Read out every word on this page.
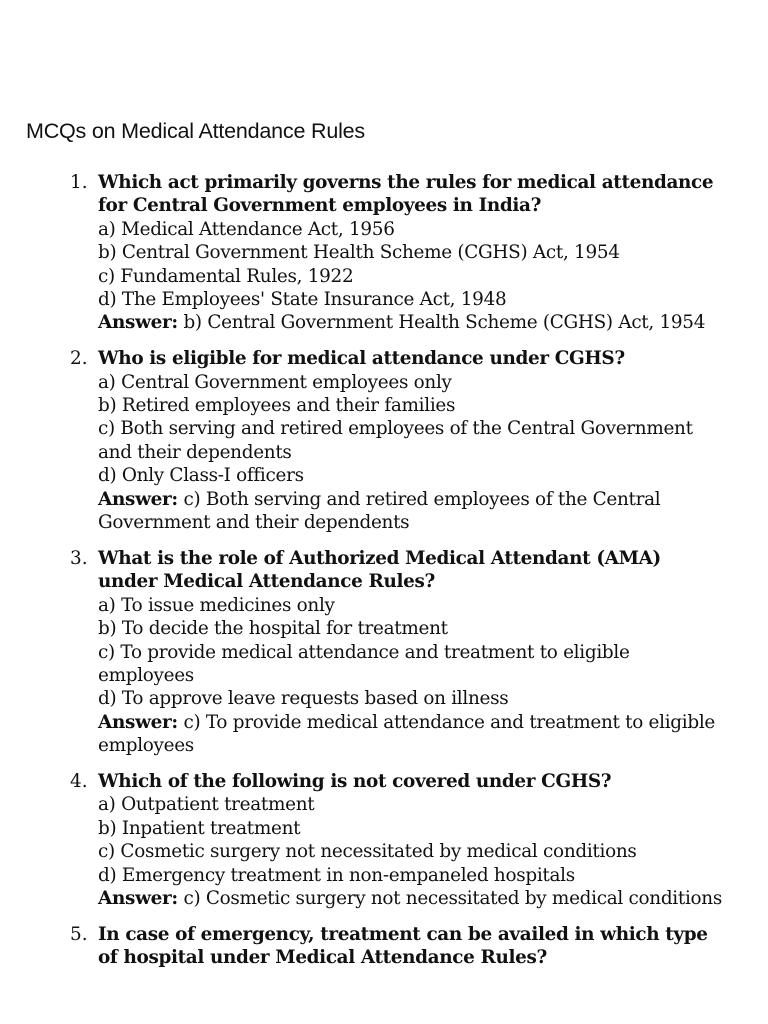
MCQs on Medical Attendance Rules
1. Which act primarily governs the rules for medical attendance for Central Government employees in India?
a) Medical Attendance Act, 1956
b) Central Government Health Scheme (CGHS) Act, 1954
c) Fundamental Rules, 1922
d) The Employees' State Insurance Act, 1948
Answer: b) Central Government Health Scheme (CGHS) Act, 1954
2. Who is eligible for medical attendance under CGHS?
a) Central Government employees only
b) Retired employees and their families
c) Both serving and retired employees of the Central Government and their dependents
d) Only Class-I officers
Answer: c) Both serving and retired employees of the Central Government and their dependents
3. What is the role of Authorized Medical Attendant (AMA) under Medical Attendance Rules?
a) To issue medicines only
b) To decide the hospital for treatment
c) To provide medical attendance and treatment to eligible employees
d) To approve leave requests based on illness
Answer: c) To provide medical attendance and treatment to eligible employees
4. Which of the following is not covered under CGHS?
a) Outpatient treatment
b) Inpatient treatment
c) Cosmetic surgery not necessitated by medical conditions
d) Emergency treatment in non-empaneled hospitals
Answer: c) Cosmetic surgery not necessitated by medical conditions
5. In case of emergency, treatment can be availed in which type of hospital under Medical Attendance Rules?
